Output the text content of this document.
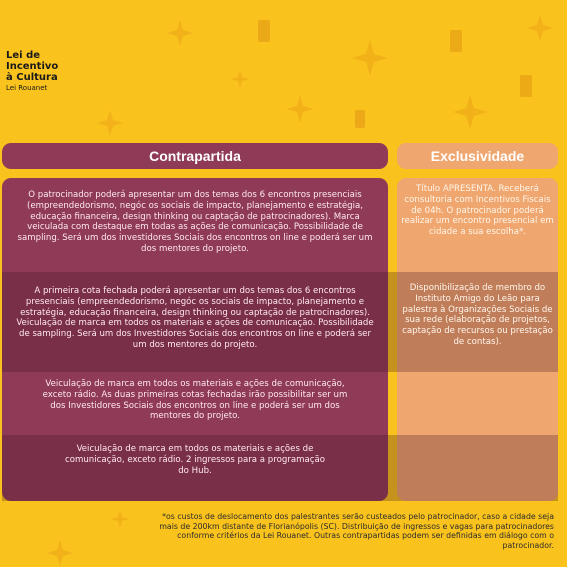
Lei de
Incentivo
à Cultura
Lei Rouanet
Contrapartida	Exclusividade

O patrocinador poderá apresentar um dos temas dos 6 encontros presenciais (empreendedorismo, negóc os sociais de impacto, planejamento e estratégia, educação financeira, design thinking ou captação de patrocinadores). Marca veiculada com destaque em todas as ações de comunicação. Possibilidade de sampling. Será um dos investidores Sociais dos encontros on line e poderá ser um dos mentores do projeto.

A primeira cota fechada poderá apresentar um dos temas dos 6 encontros presenciais (empreendedorismo, negóc os sociais de impacto, planejamento e estratégia, educação financeira, design thinking ou captação de patrocinadores). Veiculação de marca em todos os materiais e ações de comunicação. Possibilidade de sampling. Será um dos Investidores Sociais dos encontros on line e poderá ser um dos mentores do projeto.

Veiculação de marca em todos os materiais e ações de comunicação, exceto rádio. As duas primeiras cotas fechadas irão possibilitar ser um dos Investidores Sociais dos encontros on line e poderá ser um dos mentores do projeto.

Veiculação de marca em todos os materiais e ações de comunicação, exceto rádio. 2 ingressos para a programação do Hub.

Título APRESENTA. Receberá consultoria com Incentivos Fiscais de 04h. O patrocinador poderá realizar um encontro presencial em cidade a sua escolha*.

Disponibilização de membro do Instituto Amigo do Leão para palestra à Organizações Sociais de sua rede (elaboração de projetos, captação de recursos ou prestação de contas).

*os custos de deslocamento dos palestrantes serão custeados pelo patrocinador, caso a cidade seja mais de 200km distante de Florianópolis (SC). Distribuição de ingressos e vagas para patrocinadores conforme critérios da Lei Rouanet. Outras contrapartidas podem ser definidas em diálogo com o patrocinador.
